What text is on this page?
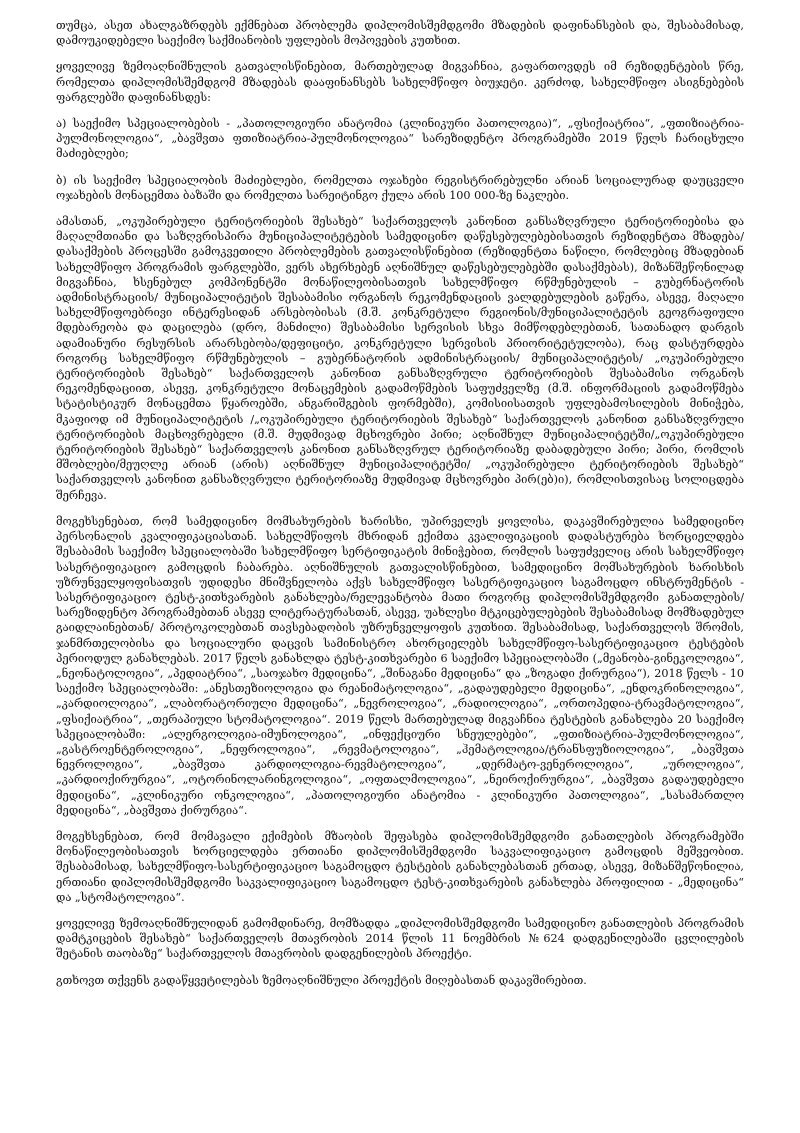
თუმცა, ასეთ ახალგაზრდებს ექმნებათ პრობლემა დიპლომისშემდგომი მზადების დაფინანსების და, შესაბამისად, დამოუკიდებელი საექიმო საქმიანობის უფლების მოპოვების კუთხით.

ყოველივე ზემოაღნიშნულის გათვალისწინებით, მართებულად მიგვაჩნია, გაფართოვდეს იმ რეზიდენტების წრე, რომელთა დიპლომისშემდგომ მზადებას დააფინანსებს სახელმწიფო ბიუჯეტი. კერძოდ, სახელმწიფო ასიგნებების ფარგლებში დაფინანსდეს:

ა) საექიმო სპეციალობების - „პათოლოგიური ანატომია (კლინიკური პათოლოგია)“, „ფსიქიატრია“, „ფთიზიატრია-პულმონოლოგია“, „ბავშვთა ფთიზიატრია-პულმონოლოგია“ სარეზიდენტო პროგრამებში 2019 წელს ჩარიცხული მაძიებლები;

ბ) ის საექიმო სპეციალობის მაძიებლები, რომელთა ოჯახები რეგისტრირებულნი არიან სოციალურად დაუცველი ოჯახების მონაცემთა ბაზაში და რომელთა სარეიტინგო ქულა არის 100 000-ზე ნაკლები.

ამასთან, „ოკუპირებული ტერიტორიების შესახებ“ საქართველოს კანონით განსაზღვრული ტერიტორიებისა და მაღალმთიანი და საზღვრისპირა მუნიციპალიტეტების სამედიცინო დაწესებულებებისათვის რეზიდენტთა მზადება/დასაქმების პროცესში გამოკვეთილი პრობლემების გათვალისწინებით (რეზიდენტთა ნაწილი, რომლებიც მზადებიან სახელმწიფო პროგრამის ფარგლებში, ვერს ახერხებენ აღნიშნულ დაწესებულებებში დასაქმებას), მიზანშეწონილად მიგვაჩნია, ხსენებულ კომპონენტში მონაწილეობისათვის სახელმწიფო რწმუნებულის – გუბერნატორის ადმინისტრაციის/ მუნიციპალიტეტის შესაბამისი ორგანოს რეკომენდაციის ვალდებულების გაწერა, ასევე, მაღალი სახელმწიფოებრივი ინტერესიდან არსებობისას (მ.შ. კონკრეტული რეგიონის/მუნიციპალიტეტის გეოგრაფიული მდებარეობა და დაცილება (დრო, მანძილი) შესაბამისი სერვისის სხვა მიმწოდებლებთან, სათანადო დარგის ადამიანური რესურსის არარსებობა/დეფიციტი, კონკრეტული სერვისის პრიორიტეტულობა), რაც დასტურდება როგორც სახელმწიფო რწმუნებულის – გუბერნატორის ადმინისტრაციის/ მუნიციპალიტეტის/ „ოკუპირებული ტერიტორიების შესახებ“ საქართველოს კანონით განსაზღვრული ტერიტორიების შესაბამისი ორგანოს რეკომენდაციით, ასევე, კონკრეტული მონაცემების გადამოწმების საფუძველზე (მ.შ. ინფორმაციის გადამოწმება სტატისტიკურ მონაცემთა წყაროებში, ანგარიშგების ფორმებში), კომისიისათვის უფლებამოსილების მინიჭება, მკაფიოდ იმ მუნიციპალიტეტის /„ოკუპირებული ტერიტორიების შესახებ“ საქართველოს კანონით განსაზღვრული ტერიტორიების მაცხოვრებელი (მ.შ. მუდმივად მცხოვრები პირი; აღნიშნულ მუნიციპალიტეტში/„ოკუპირებული ტერიტორიების შესახებ“ საქართველოს კანონით განსაზღვრულ ტერიტორიაზე დაბადებული პირი; პირი, რომლის მშობლები/მეუღლე არიან (არის) აღნიშნულ მუნიციპალიტეტში/ „ოკუპირებული ტერიტორიების შესახებ“ საქართველოს კანონით განსაზღვრული ტერიტორიაზე მუდმივად მცხოვრები პირ(ებ)ი), რომლისთვისაც სოლიცდება შერჩევა.

მოგეხსენებათ, რომ სამედიცინო მომსახურების ხარისხი, უპირველეს ყოვლისა, დაკავშირებულია სამედიცინო პერსონალის კვალიფიკაციასთან. სახელმწიფოს მხრიდან ექიმთა კვალიფიკაციის დადასტურება ხორციელდება შესაბამის საექიმო სპეციალობაში სახელმწიფო სერტიფიკატის მინიჭებით, რომლის საფუძველიც არის სახელმწიფო სასერტიფიკაციო გამოცდის ჩაბარება. აღნიშნულის გათვალისწინებით, სამედიცინო მომსახურების ხარისხის უზრუნველყოფისათვის უდიდესი მნიშვნელობა აქვს სახელმწიფო სასერტიფიკაციო საგამოცდო ინსტრუმენტის - სასერტიფიკაციო ტესტ-კითხვარების განახლება/რელევანტობა მათი როგორც დიპლომისშემდგომი განათლების/სარეზიდენტო პროგრამებთან ასევე ლიტერატურასთან, ასევე, უახლესი მტკიცებულებების შესაბამისად მომზადებულ გაიდლაინებთან/ პროტოკოლებთან თავსებადობის უზრუნველყოფის კუთხით. შესაბამისად, საქართველოს შრომის, ჯანმრთელობისა და სოციალური დაცვის სამინისტრო ახორციელებს სახელმწიფო-სასერტიფიკაციო ტესტების პერიოდულ განახლებას. 2017 წელს განახლდა ტესტ-კითხვარები 6 საექიმო სპეციალობაში („მეანობა-გინეკოლოგია“, „ნეონატოლოგია“, „პედიატრია“, „საოჯახო მედიცინა“, „შინაგანი მედიცინა“ და „ზოგადი ქირურგია“), 2018 წელს - 10 საექიმო სპეციალობაში: „ანესთეზიოლოგია და რეანიმატოლოგია“, „გადაუდებელი მედიცინა“, „ენდოკრინოლოგია“, „კარდიოლოგია“, „ლაბორატორიული მედიცინა“, „ნევროლოგია“, „რადიოლოგია“, „ორთოპედია-ტრავმატოლოგია“, „ფსიქიატრია“, „თერაპიული სტომატოლოგია“. 2019 წელს მართებულად მიგვაჩნია ტესტების განახლება 20 საექიმო სპეციალობაში: „ალერგოლოგია-იმუნოლოგია“, „ინფექციური სნეულებები“, „ფთიზიატრია-პულმონოლოგია“, „გასტროენტეროლოგია“, „ნეფროლოგია“, „რევმატოლოგია“, „ჰემატოლოგია/ტრანსფუზიოლოგია“, „ბავშვთა ნევროლოგია“, „ბავშვთა კარდიოლოგია-რევმატოლოგია“, „დერმატო-ვენეროლოგია“, „უროლოგია“, „კარდიოქირურგია“, „ოტორინოლარინგოლოგია“, „ოფთალმოლოგია“, „ნეიროქირურგია“, „ბავშვთა გადაუდებელი მედიცინა“, „კლინიკური ონკოლოგია“, „პათოლოგიური ანატომია - კლინიკური პათოლოგია“, „სასამართლო მედიცინა“, „ბავშვთა ქირურგია“.

მოგეხსენებათ, რომ მომავალი ექიმების მზაობის შეფასება დიპლომისშემდგომი განათლების პროგრამებში მონაწილეობისათვის ხორციელდება ერთიანი დიპლომისშემდგომი საკვალიფიკაციო გამოცდის მეშვეობით. შესაბამისად, სახელმწიფო-სასერტიფიკაციო საგამოცდო ტესტების განახლებასთან ერთად, ასევე, მიზანშეწონილია, ერთიანი დიპლომისშემდგომი საკვალიფიკაციო საგამოცდო ტესტ-კითხვარების განახლება პროფილით - „მედიცინა“ და „სტომატოლოგია“.

ყოველივე ზემოაღნიშნულიდან გამომდინარე, მომზადდა „დიპლომისშემდგომი სამედიცინო განათლების პროგრამის დამტკიცების შესახებ“ საქართველოს მთავრობის 2014 წლის 11 ნოემბრის №624 დადგენილებაში ცვლილების შეტანის თაობაზე“ საქართველოს მთავრობის დადგენილების პროექტი.

გთხოვთ თქვენს გადაწყვეტილებას ზემოაღნიშნული პროექტის მიღებასთან დაკავშირებით.
